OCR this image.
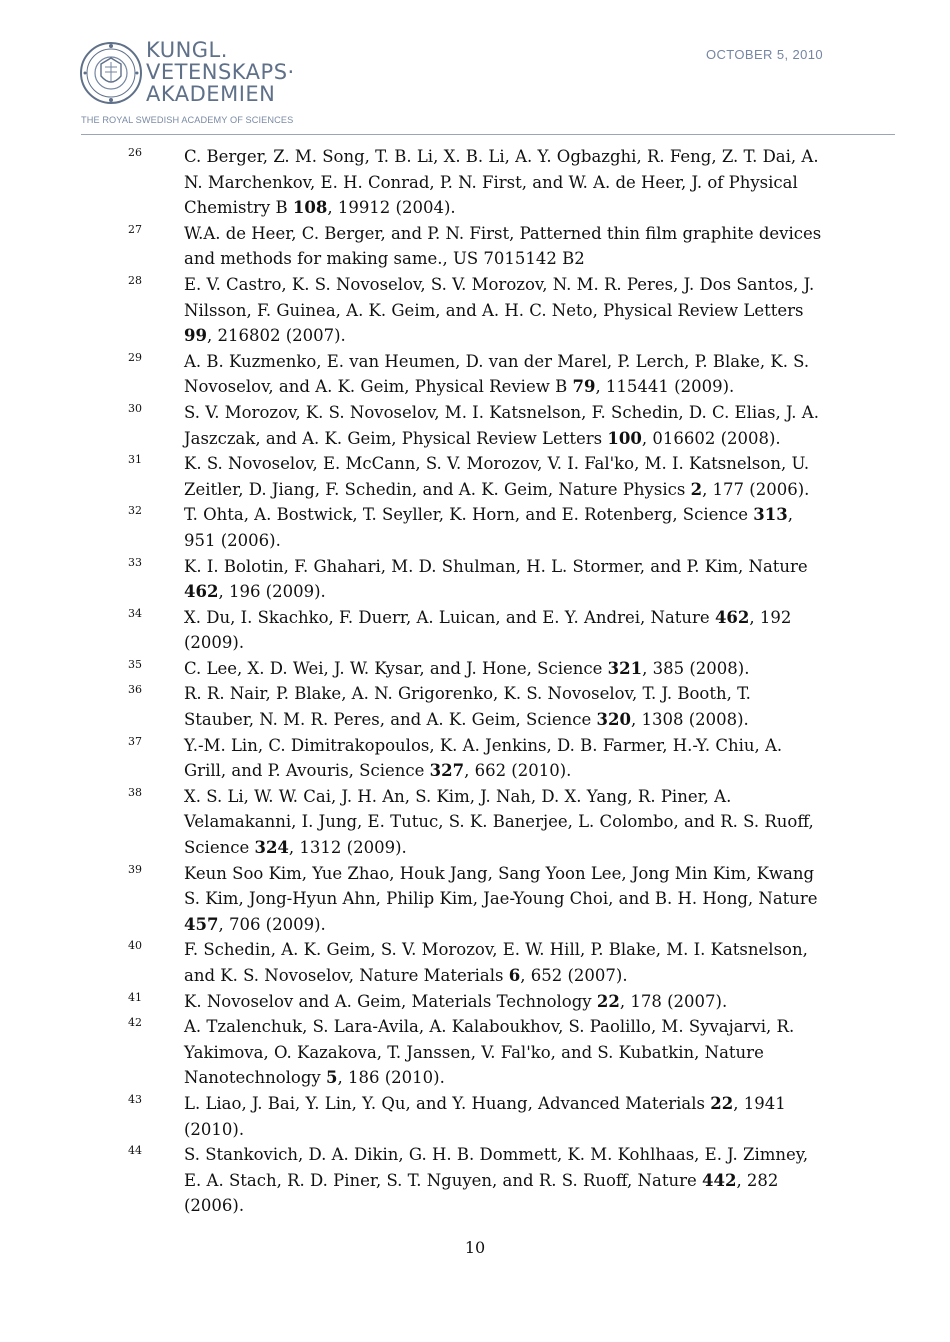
KUNGL.
VETENSKAPS·
AKADEMIEN
THE ROYAL SWEDISH ACADEMY OF SCIENCES
OCTOBER 5, 2010
26	C. Berger, Z. M. Song, T. B. Li, X. B. Li, A. Y. Ogbazghi, R. Feng, Z. T. Dai, A. N. Marchenkov, E. H. Conrad, P. N. First, and W. A. de Heer, J. of Physical Chemistry B 108, 19912 (2004).
27	W.A. de Heer, C. Berger, and P. N. First, Patterned thin film graphite devices and methods for making same., US 7015142 B2
28	E. V. Castro, K. S. Novoselov, S. V. Morozov, N. M. R. Peres, J. Dos Santos, J. Nilsson, F. Guinea, A. K. Geim, and A. H. C. Neto, Physical Review Letters 99, 216802 (2007).
29	A. B. Kuzmenko, E. van Heumen, D. van der Marel, P. Lerch, P. Blake, K. S. Novoselov, and A. K. Geim, Physical Review B 79, 115441 (2009).
30	S. V. Morozov, K. S. Novoselov, M. I. Katsnelson, F. Schedin, D. C. Elias, J. A. Jaszczak, and A. K. Geim, Physical Review Letters 100, 016602 (2008).
31	K. S. Novoselov, E. McCann, S. V. Morozov, V. I. Fal'ko, M. I. Katsnelson, U. Zeitler, D. Jiang, F. Schedin, and A. K. Geim, Nature Physics 2, 177 (2006).
32	T. Ohta, A. Bostwick, T. Seyller, K. Horn, and E. Rotenberg, Science 313, 951 (2006).
33	K. I. Bolotin, F. Ghahari, M. D. Shulman, H. L. Stormer, and P. Kim, Nature 462, 196 (2009).
34	X. Du, I. Skachko, F. Duerr, A. Luican, and E. Y. Andrei, Nature 462, 192 (2009).
35	C. Lee, X. D. Wei, J. W. Kysar, and J. Hone, Science 321, 385 (2008).
36	R. R. Nair, P. Blake, A. N. Grigorenko, K. S. Novoselov, T. J. Booth, T. Stauber, N. M. R. Peres, and A. K. Geim, Science 320, 1308 (2008).
37	Y.-M. Lin, C. Dimitrakopoulos, K. A. Jenkins, D. B. Farmer, H.-Y. Chiu, A. Grill, and P. Avouris, Science 327, 662 (2010).
38	X. S. Li, W. W. Cai, J. H. An, S. Kim, J. Nah, D. X. Yang, R. Piner, A. Velamakanni, I. Jung, E. Tutuc, S. K. Banerjee, L. Colombo, and R. S. Ruoff, Science 324, 1312 (2009).
39	Keun Soo Kim, Yue Zhao, Houk Jang, Sang Yoon Lee, Jong Min Kim, Kwang S. Kim, Jong-Hyun Ahn, Philip Kim, Jae-Young Choi, and B. H. Hong, Nature 457, 706 (2009).
40	F. Schedin, A. K. Geim, S. V. Morozov, E. W. Hill, P. Blake, M. I. Katsnelson, and K. S. Novoselov, Nature Materials 6, 652 (2007).
41	K. Novoselov and A. Geim, Materials Technology 22, 178 (2007).
42	A. Tzalenchuk, S. Lara-Avila, A. Kalaboukhov, S. Paolillo, M. Syvajarvi, R. Yakimova, O. Kazakova, T. Janssen, V. Fal'ko, and S. Kubatkin, Nature Nanotechnology 5, 186 (2010).
43	L. Liao, J. Bai, Y. Lin, Y. Qu, and Y. Huang, Advanced Materials 22, 1941 (2010).
44	S. Stankovich, D. A. Dikin, G. H. B. Dommett, K. M. Kohlhaas, E. J. Zimney, E. A. Stach, R. D. Piner, S. T. Nguyen, and R. S. Ruoff, Nature 442, 282 (2006).
10
